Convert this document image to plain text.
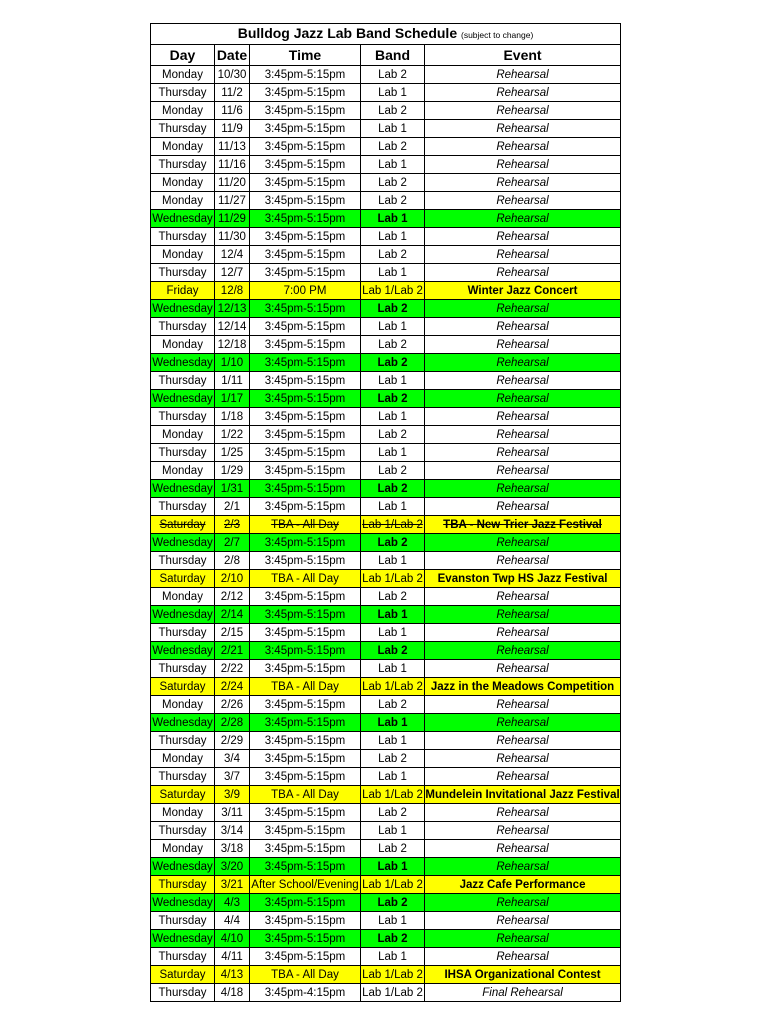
Bulldog Jazz Lab Band Schedule (subject to change)				
Day	Date	Time	Band	Event
Monday	10/30	3:45pm-5:15pm	Lab 2	Rehearsal
Thursday	11/2	3:45pm-5:15pm	Lab 1	Rehearsal
Monday	11/6	3:45pm-5:15pm	Lab 2	Rehearsal
Thursday	11/9	3:45pm-5:15pm	Lab 1	Rehearsal
Monday	11/13	3:45pm-5:15pm	Lab 2	Rehearsal
Thursday	11/16	3:45pm-5:15pm	Lab 1	Rehearsal
Monday	11/20	3:45pm-5:15pm	Lab 2	Rehearsal
Monday	11/27	3:45pm-5:15pm	Lab 2	Rehearsal
Wednesday	11/29	3:45pm-5:15pm	Lab 1	Rehearsal
Thursday	11/30	3:45pm-5:15pm	Lab 1	Rehearsal
Monday	12/4	3:45pm-5:15pm	Lab 2	Rehearsal
Thursday	12/7	3:45pm-5:15pm	Lab 1	Rehearsal
Friday	12/8	7:00 PM	Lab 1/Lab 2	Winter Jazz Concert
Wednesday	12/13	3:45pm-5:15pm	Lab 2	Rehearsal
Thursday	12/14	3:45pm-5:15pm	Lab 1	Rehearsal
Monday	12/18	3:45pm-5:15pm	Lab 2	Rehearsal
Wednesday	1/10	3:45pm-5:15pm	Lab 2	Rehearsal
Thursday	1/11	3:45pm-5:15pm	Lab 1	Rehearsal
Wednesday	1/17	3:45pm-5:15pm	Lab 2	Rehearsal
Thursday	1/18	3:45pm-5:15pm	Lab 1	Rehearsal
Monday	1/22	3:45pm-5:15pm	Lab 2	Rehearsal
Thursday	1/25	3:45pm-5:15pm	Lab 1	Rehearsal
Monday	1/29	3:45pm-5:15pm	Lab 2	Rehearsal
Wednesday	1/31	3:45pm-5:15pm	Lab 2	Rehearsal
Thursday	2/1	3:45pm-5:15pm	Lab 1	Rehearsal
Saturday	2/3	TBA - All Day	Lab 1/Lab 2	TBA - New Trier Jazz Festival
Wednesday	2/7	3:45pm-5:15pm	Lab 2	Rehearsal
Thursday	2/8	3:45pm-5:15pm	Lab 1	Rehearsal
Saturday	2/10	TBA - All Day	Lab 1/Lab 2	Evanston Twp HS Jazz Festival
Monday	2/12	3:45pm-5:15pm	Lab 2	Rehearsal
Wednesday	2/14	3:45pm-5:15pm	Lab 1	Rehearsal
Thursday	2/15	3:45pm-5:15pm	Lab 1	Rehearsal
Wednesday	2/21	3:45pm-5:15pm	Lab 2	Rehearsal
Thursday	2/22	3:45pm-5:15pm	Lab 1	Rehearsal
Saturday	2/24	TBA - All Day	Lab 1/Lab 2	Jazz in the Meadows Competition
Monday	2/26	3:45pm-5:15pm	Lab 2	Rehearsal
Wednesday	2/28	3:45pm-5:15pm	Lab 1	Rehearsal
Thursday	2/29	3:45pm-5:15pm	Lab 1	Rehearsal
Monday	3/4	3:45pm-5:15pm	Lab 2	Rehearsal
Thursday	3/7	3:45pm-5:15pm	Lab 1	Rehearsal
Saturday	3/9	TBA - All Day	Lab 1/Lab 2	Mundelein Invitational Jazz Festival
Monday	3/11	3:45pm-5:15pm	Lab 2	Rehearsal
Thursday	3/14	3:45pm-5:15pm	Lab 1	Rehearsal
Monday	3/18	3:45pm-5:15pm	Lab 2	Rehearsal
Wednesday	3/20	3:45pm-5:15pm	Lab 1	Rehearsal
Thursday	3/21	After School/Evening	Lab 1/Lab 2	Jazz Cafe Performance
Wednesday	4/3	3:45pm-5:15pm	Lab 2	Rehearsal
Thursday	4/4	3:45pm-5:15pm	Lab 1	Rehearsal
Wednesday	4/10	3:45pm-5:15pm	Lab 2	Rehearsal
Thursday	4/11	3:45pm-5:15pm	Lab 1	Rehearsal
Saturday	4/13	TBA - All Day	Lab 1/Lab 2	IHSA Organizational Contest
Thursday	4/18	3:45pm-4:15pm	Lab 1/Lab 2	Final Rehearsal
